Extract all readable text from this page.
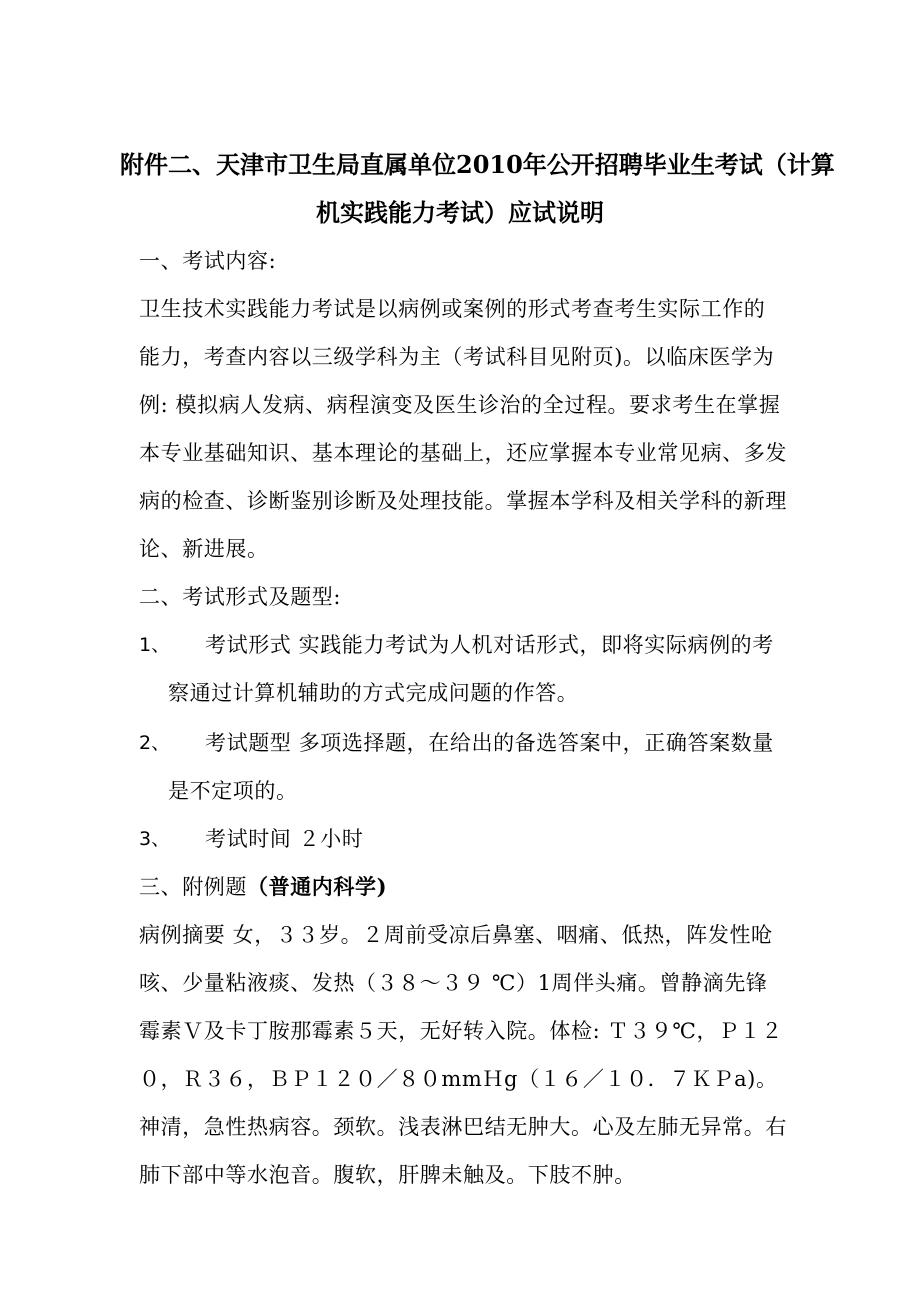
附件二、天津市卫生局直属单位2010年公开招聘毕业生考试（计算
机实践能力考试）应试说明
一、考试内容:
卫生技术实践能力考试是以病例或案例的形式考查考生实际工作的
能力，考查内容以三级学科为主（考试科目见附页)。以临床医学为
例: 模拟病人发病、病程演变及医生诊治的全过程。要求考生在掌握
本专业基础知识、基本理论的基础上，还应掌握本专业常见病、多发
病的检查、诊断鉴别诊断及处理技能。掌握本学科及相关学科的新理
论、新进展。
二、考试形式及题型:
1、 考试形式 实践能力考试为人机对话形式，即将实际病例的考
察通过计算机辅助的方式完成问题的作答。
2、 考试题型 多项选择题，在给出的备选答案中，正确答案数量
是不定项的。
3、 考试时间 ２小时
三、附例题（普通内科学)
病例摘要 女，３３岁。２周前受凉后鼻塞、咽痛、低热，阵发性呛
咳、少量粘液痰、发热（３８～３９ ℃）1周伴头痛。曾静滴先锋
霉素Ｖ及卡丁胺那霉素５天，无好转入院。体检: Ｔ３９℃，Ｐ１２
０，Ｒ３６，ＢＰ１２０／８０mmＨg（１６／１０．７ＫＰa)。
神清，急性热病容。颈软。浅表淋巴结无肿大。心及左肺无异常。右
肺下部中等水泡音。腹软，肝脾未触及。下肢不肿。
